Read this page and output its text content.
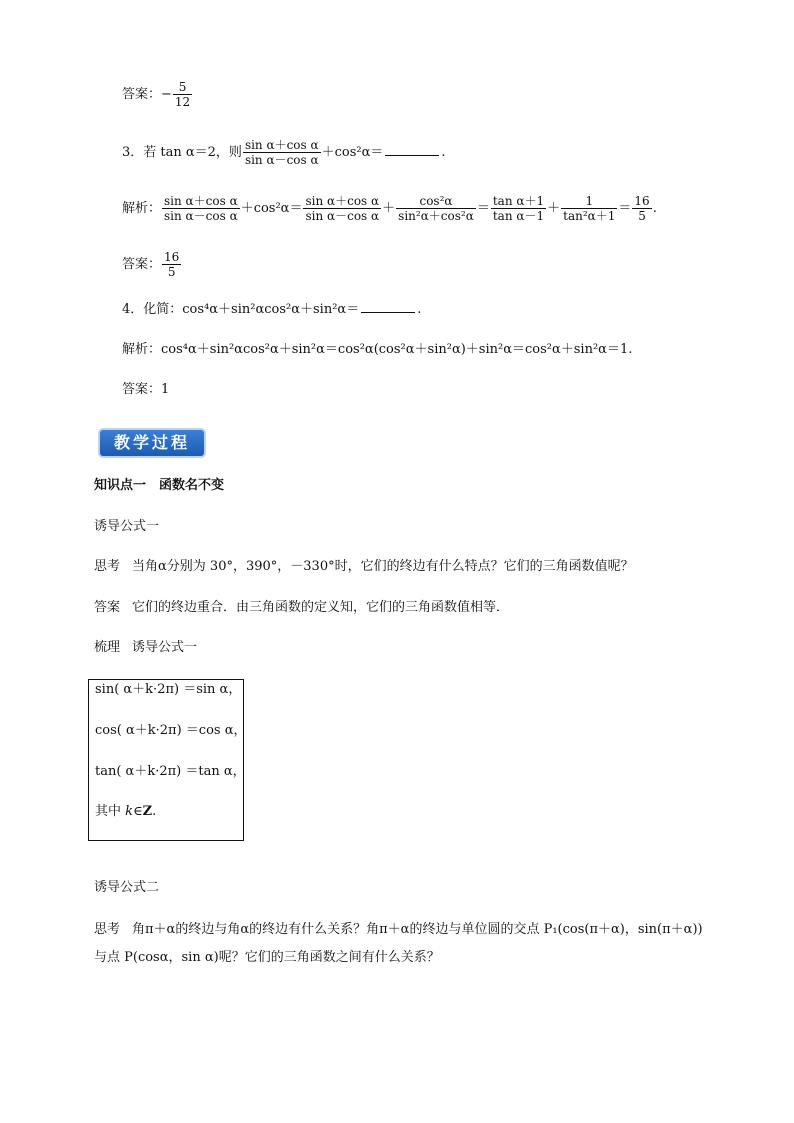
答案：− $\frac{5}{12}$
3．若 tan α＝2，则 $\frac{\text{sin α＋cos α}}{\text{sin α－cos α}} +\cos^2\alpha=$	.
解析： $\frac{\text{sin α＋cos α}}{\text{sin α－cos α}} +\cos^2\alpha= \frac{\text{sin α＋cos α}}{\text{sin α－cos α}} + \frac{\text{cos²α}}{\text{sin²α＋cos²α}} = \frac{\text{tan α＋1}}{\text{tan α－1}} + \frac{1}{\text{tan²α＋1}} = \frac{16}{5}$ .
答案： $\frac{16}{5}$
4．化简：cos⁴α＋sin²αcos²α＋sin²α＝	.
解析：cos⁴α＋sin²αcos²α＋sin²α＝cos²α(cos²α＋sin²α)＋sin²α＝cos²α＋sin²α＝1.
答案：1
教学过程
知识点一　函数名不变
诱导公式一
思考 当角α分别为 30°，390°，－330°时，它们的终边有什么特点？它们的三角函数值呢？
答案 它们的终边重合．由三角函数的定义知，它们的三角函数值相等．
梳理 诱导公式一
sin( α＋k·2π) ＝sin α，
cos( α＋k·2π) ＝cos α，
tan( α＋k·2π) ＝tan α，
其中 k∈Z.
诱导公式二
思考 角π＋α的终边与角α的终边有什么关系？角π＋α的终边与单位圆的交点 P₁(cos(π＋α)，sin(π＋α))
与点 P(cosα，sin α)呢？它们的三角函数之间有什么关系？
